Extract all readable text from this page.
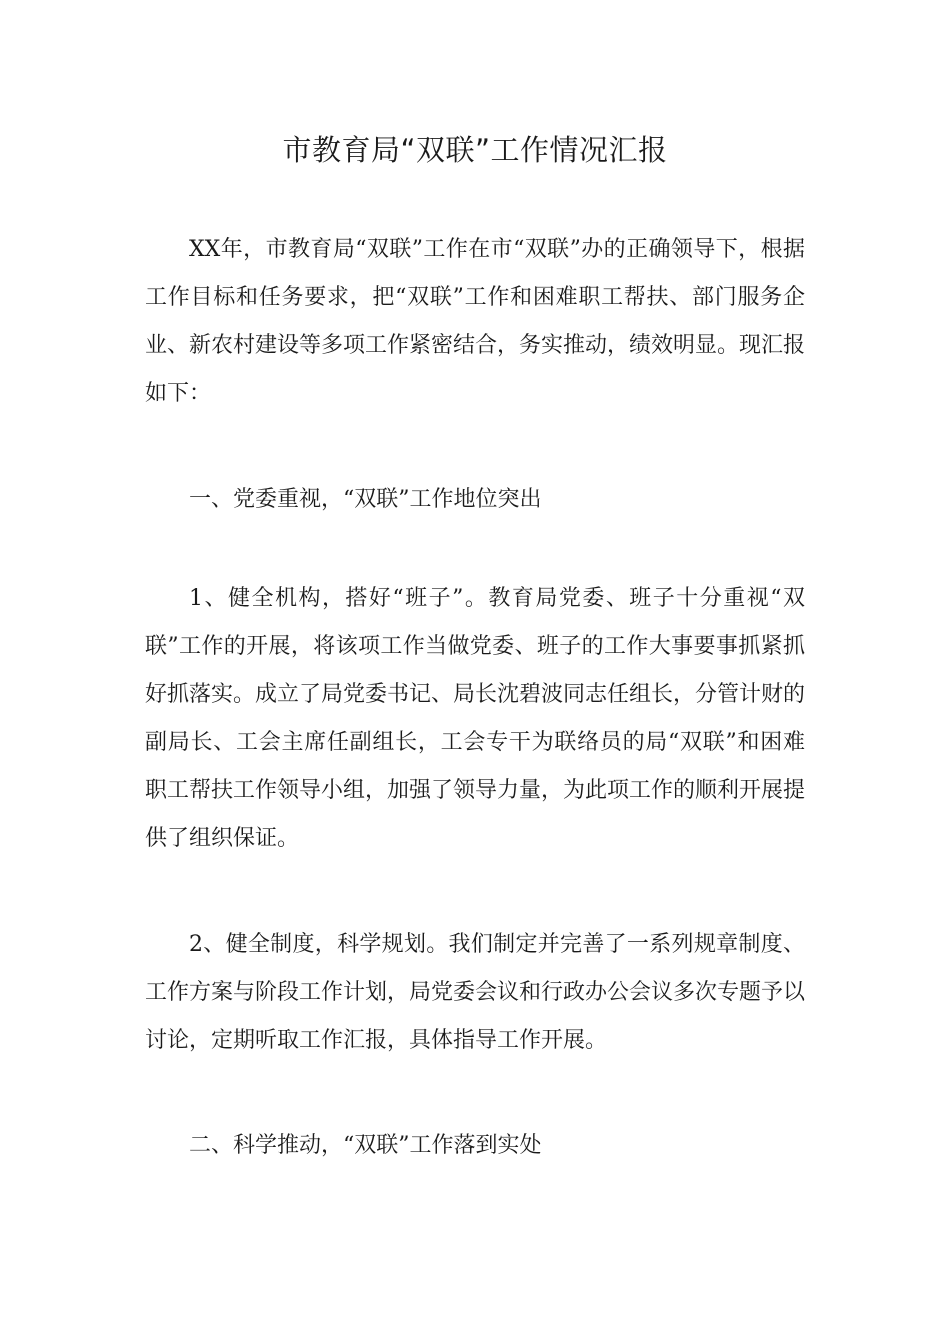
市教育局“双联”工作情况汇报

XX年，市教育局“双联”工作在市“双联”办的正确领导下，根据工作目标和任务要求，把“双联”工作和困难职工帮扶、部门服务企业、新农村建设等多项工作紧密结合，务实推动，绩效明显。现汇报如下：

一、党委重视，“双联”工作地位突出

1、健全机构，搭好“班子”。教育局党委、班子十分重视“双联”工作的开展，将该项工作当做党委、班子的工作大事要事抓紧抓好抓落实。成立了局党委书记、局长沈碧波同志任组长，分管计财的副局长、工会主席任副组长，工会专干为联络员的局“双联”和困难职工帮扶工作领导小组，加强了领导力量，为此项工作的顺利开展提供了组织保证。

2、健全制度，科学规划。我们制定并完善了一系列规章制度、工作方案与阶段工作计划，局党委会议和行政办公会议多次专题予以讨论，定期听取工作汇报，具体指导工作开展。

二、科学推动，“双联”工作落到实处
